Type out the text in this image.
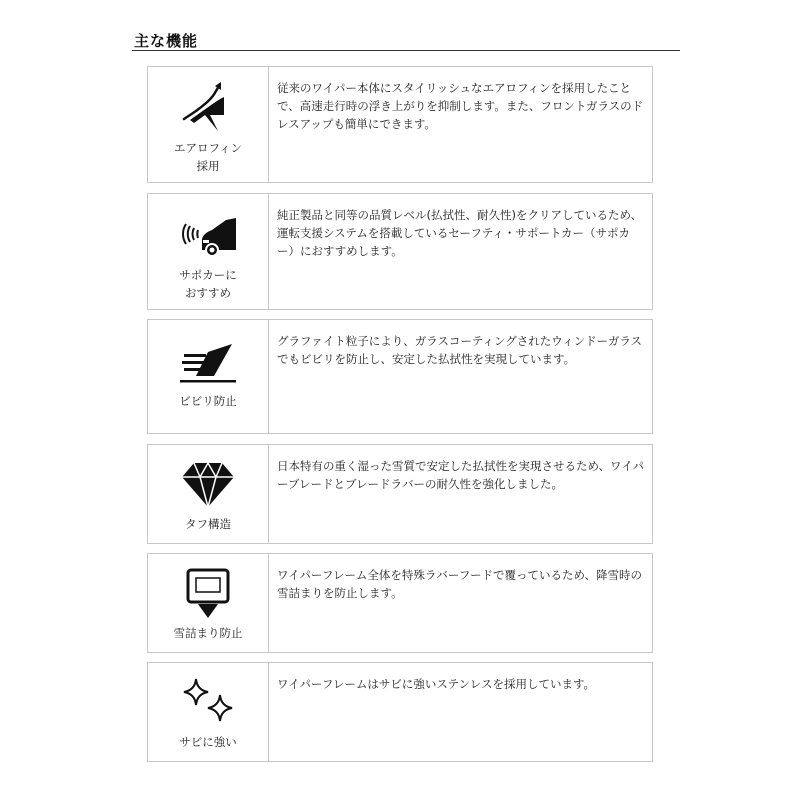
主な機能
エアロフィン
採用
従来のワイパー本体にスタイリッシュなエアロフィンを採用したことで、高速走行時の浮き上がりを抑制します。また、フロントガラスのドレスアップも簡単にできます。
サポカーに
おすすめ
純正製品と同等の品質レベル(払拭性、耐久性)をクリアしているため、運転支援システムを搭載しているセーフティ・サポートカー（サポカー）におすすめします。
ビビリ防止
グラファイト粒子により、ガラスコーティングされたウィンドーガラスでもビビリを防止し、安定した払拭性を実現しています。
タフ構造
日本特有の重く湿った雪質で安定した払拭性を実現させるため、ワイパーブレードとブレードラバーの耐久性を強化しました。
雪詰まり防止
ワイパーフレーム全体を特殊ラバーフードで覆っているため、降雪時の雪詰まりを防止します。
サビに強い
ワイパーフレームはサビに強いステンレスを採用しています。
